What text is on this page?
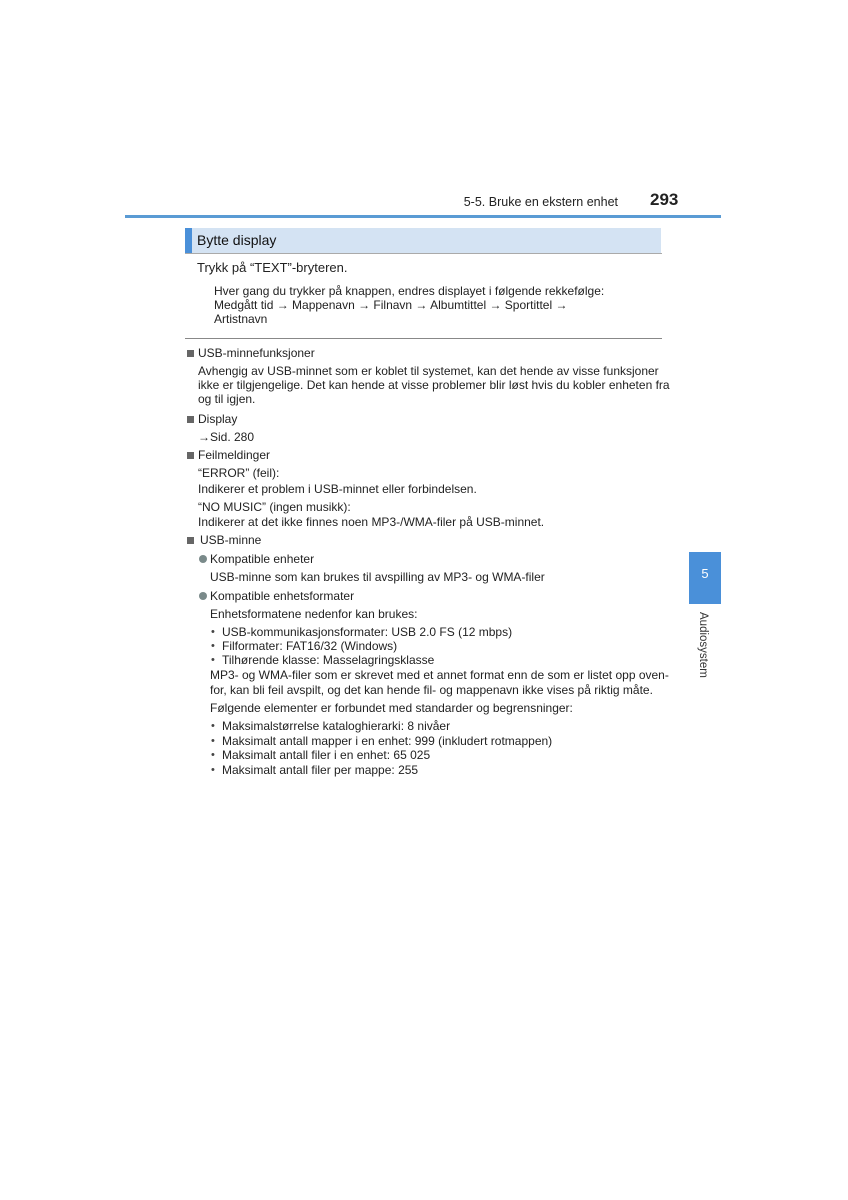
5-5. Bruke en ekstern enhet 293
Bytte display
Trykk på “TEXT”-bryteren.
Hver gang du trykker på knappen, endres displayet i følgende rekkefølge:
Medgått tid → Mappenavn → Filnavn → Albumtittel → Sportittel →
Artistnavn
USB-minnefunksjoner
Avhengig av USB-minnet som er koblet til systemet, kan det hende av visse funksjoner
ikke er tilgjengelige. Det kan hende at visse problemer blir løst hvis du kobler enheten fra
og til igjen.
Display
→Sid. 280
Feilmeldinger
“ERROR” (feil):
Indikerer et problem i USB-minnet eller forbindelsen.
“NO MUSIC” (ingen musikk):
Indikerer at det ikke finnes noen MP3-/WMA-filer på USB-minnet.
USB-minne
Kompatible enheter
USB-minne som kan brukes til avspilling av MP3- og WMA-filer
Kompatible enhetsformater
Enhetsformatene nedenfor kan brukes:
• USB-kommunikasjonsformater: USB 2.0 FS (12 mbps)
• Filformater: FAT16/32 (Windows)
• Tilhørende klasse: Masselagringsklasse
MP3- og WMA-filer som er skrevet med et annet format enn de som er listet opp oven-
for, kan bli feil avspilt, og det kan hende fil- og mappenavn ikke vises på riktig måte.
Følgende elementer er forbundet med standarder og begrensninger:
• Maksimalstørrelse kataloghierarki: 8 nivåer
• Maksimalt antall mapper i en enhet: 999 (inkludert rotmappen)
• Maksimalt antall filer i en enhet: 65 025
• Maksimalt antall filer per mappe: 255
5
Audiosystem
